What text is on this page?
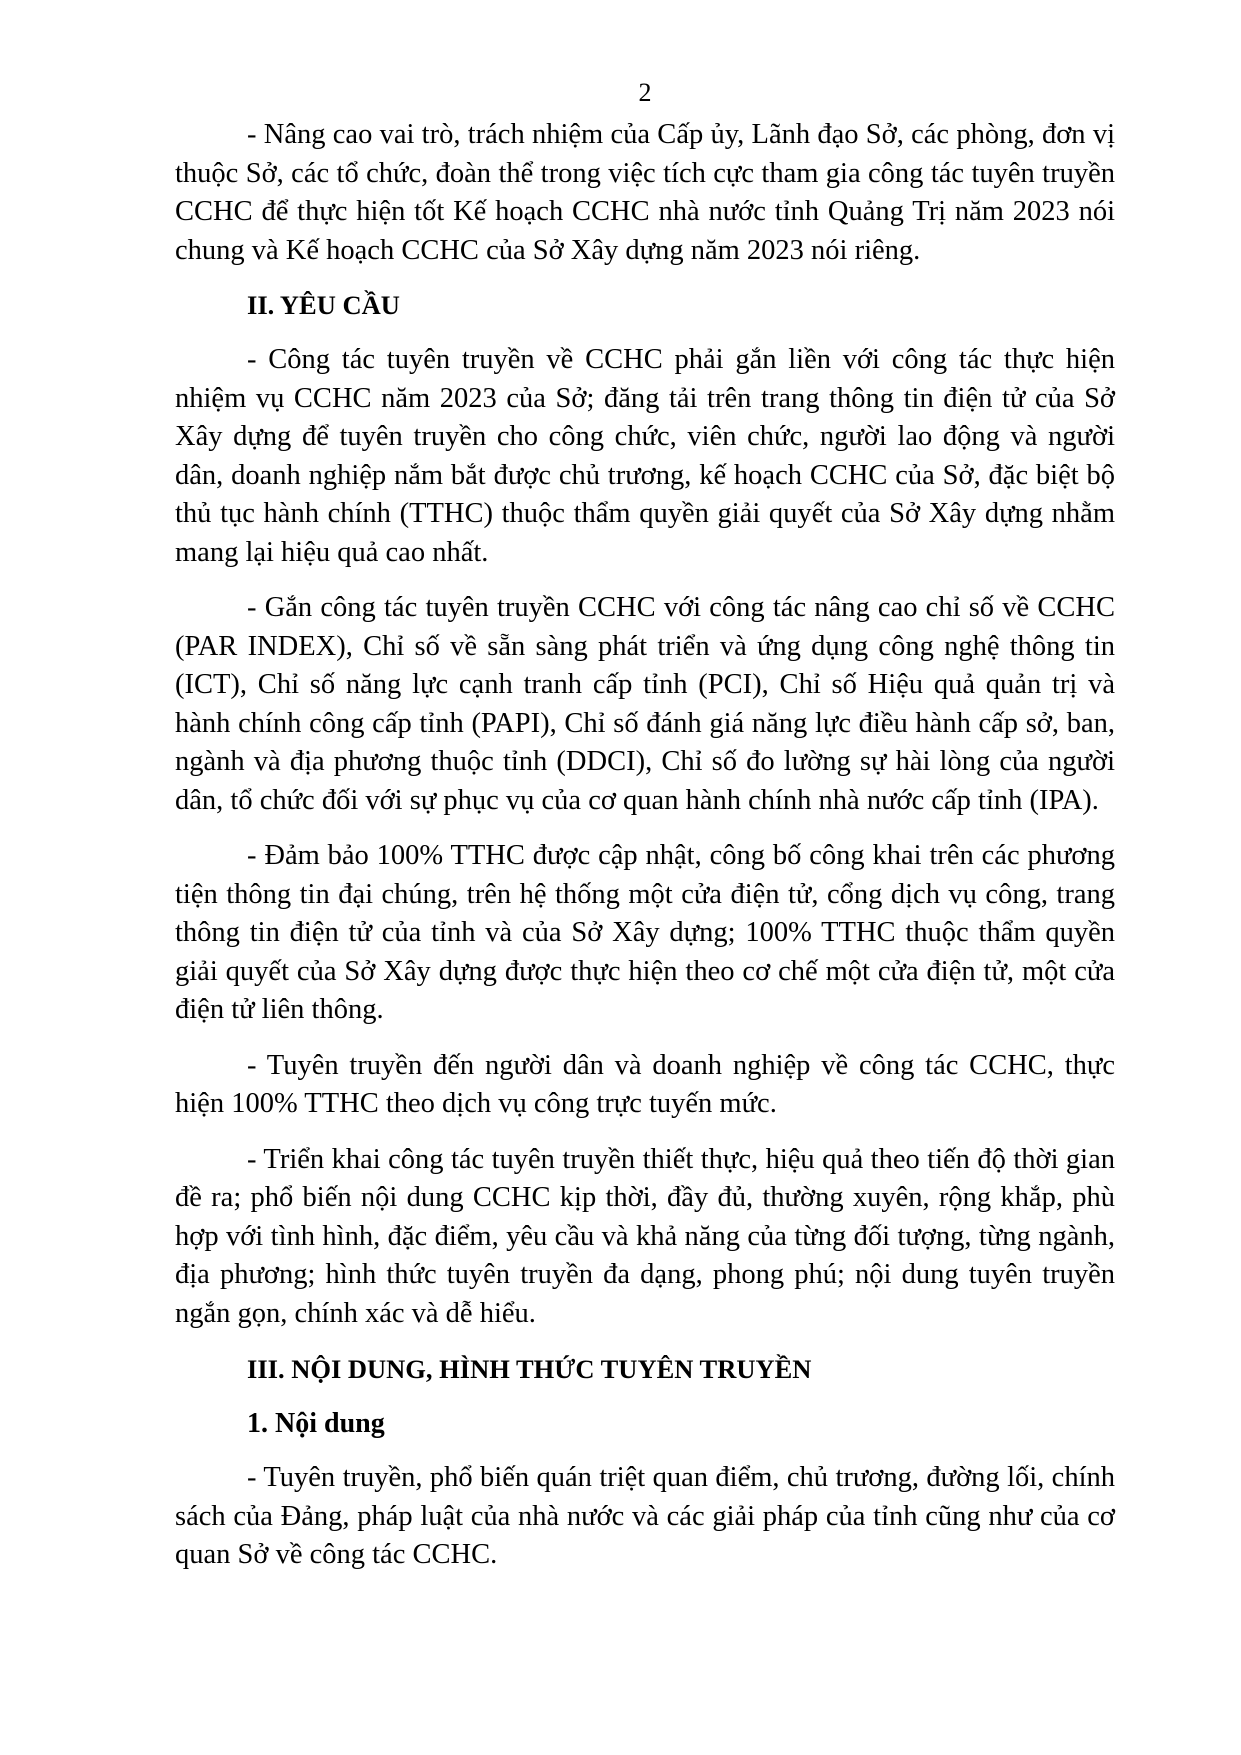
2

- Nâng cao vai trò, trách nhiệm của Cấp ủy, Lãnh đạo Sở, các phòng, đơn vị thuộc Sở, các tổ chức, đoàn thể trong việc tích cực tham gia công tác tuyên truyền CCHC để thực hiện tốt Kế hoạch CCHC nhà nước tỉnh Quảng Trị năm 2023 nói chung và Kế hoạch CCHC của Sở Xây dựng năm 2023 nói riêng.

II. YÊU CẦU

- Công tác tuyên truyền về CCHC phải gắn liền với công tác thực hiện nhiệm vụ CCHC năm 2023 của Sở; đăng tải trên trang thông tin điện tử của Sở Xây dựng để tuyên truyền cho công chức, viên chức, người lao động và người dân, doanh nghiệp nắm bắt được chủ trương, kế hoạch CCHC của Sở, đặc biệt bộ thủ tục hành chính (TTHC) thuộc thẩm quyền giải quyết của Sở Xây dựng nhằm mang lại hiệu quả cao nhất.

- Gắn công tác tuyên truyền CCHC với công tác nâng cao chỉ số về CCHC (PAR INDEX), Chỉ số về sẵn sàng phát triển và ứng dụng công nghệ thông tin (ICT), Chỉ số năng lực cạnh tranh cấp tỉnh (PCI), Chỉ số Hiệu quả quản trị và hành chính công cấp tỉnh (PAPI), Chỉ số đánh giá năng lực điều hành cấp sở, ban, ngành và địa phương thuộc tỉnh (DDCI), Chỉ số đo lường sự hài lòng của người dân, tổ chức đối với sự phục vụ của cơ quan hành chính nhà nước cấp tỉnh (IPA).

- Đảm bảo 100% TTHC được cập nhật, công bố công khai trên các phương tiện thông tin đại chúng, trên hệ thống một cửa điện tử, cổng dịch vụ công, trang thông tin điện tử của tỉnh và của Sở Xây dựng; 100% TTHC thuộc thẩm quyền giải quyết của Sở Xây dựng được thực hiện theo cơ chế một cửa điện tử, một cửa điện tử liên thông.

- Tuyên truyền đến người dân và doanh nghiệp về công tác CCHC, thực hiện 100% TTHC theo dịch vụ công trực tuyến mức.

- Triển khai công tác tuyên truyền thiết thực, hiệu quả theo tiến độ thời gian đề ra; phổ biến nội dung CCHC kịp thời, đầy đủ, thường xuyên, rộng khắp, phù hợp với tình hình, đặc điểm, yêu cầu và khả năng của từng đối tượng, từng ngành, địa phương; hình thức tuyên truyền đa dạng, phong phú; nội dung tuyên truyền ngắn gọn, chính xác và dễ hiểu.

III. NỘI DUNG, HÌNH THỨC TUYÊN TRUYỀN
1. Nội dung

- Tuyên truyền, phổ biến quán triệt quan điểm, chủ trương, đường lối, chính sách của Đảng, pháp luật của nhà nước và các giải pháp của tỉnh cũng như của cơ quan Sở về công tác CCHC.
